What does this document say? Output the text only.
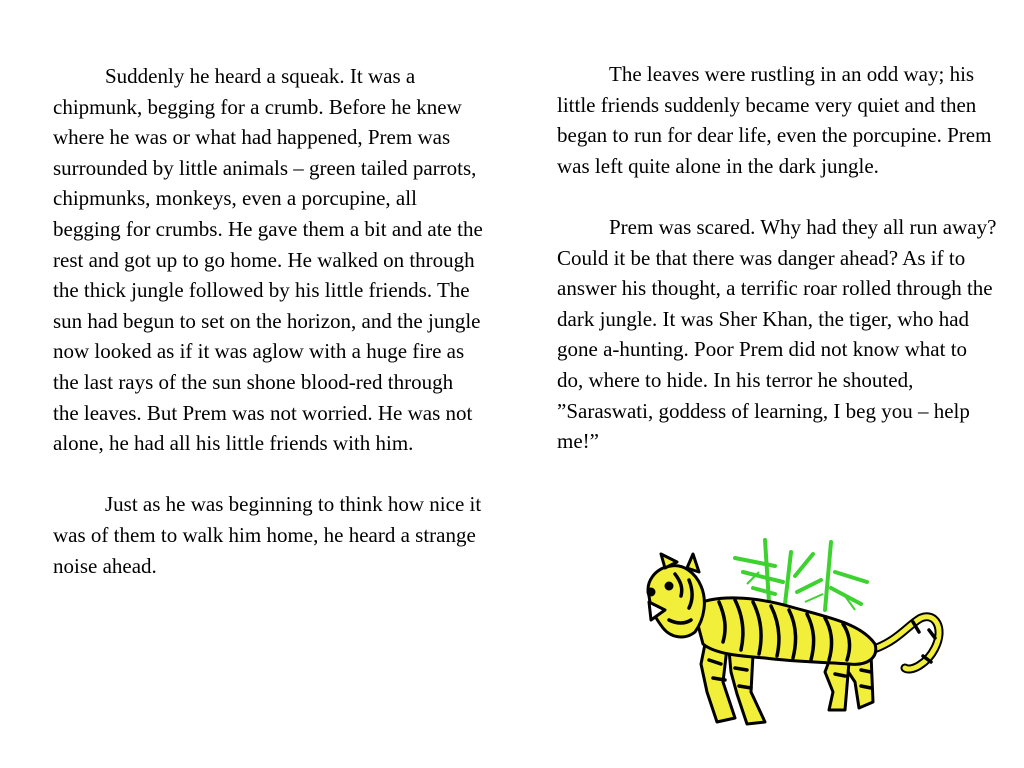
Suddenly he heard a squeak. It was a chipmunk, begging for a crumb. Before he knew where he was or what had happened, Prem was surrounded by little animals – green tailed parrots, chipmunks, monkeys, even a porcupine, all begging for crumbs. He gave them a bit and ate the rest and got up to go home. He walked on through the thick jungle followed by his little friends. The sun had begun to set on the horizon, and the jungle now looked as if it was aglow with a huge fire as the last rays of the sun shone blood-red through the leaves. But Prem was not worried. He was not alone, he had all his little friends with him.

Just as he was beginning to think how nice it was of them to walk him home, he heard a strange noise ahead.

The leaves were rustling in an odd way; his little friends suddenly became very quiet and then began to run for dear life, even the porcupine. Prem was left quite alone in the dark jungle.

Prem was scared. Why had they all run away? Could it be that there was danger ahead? As if to answer his thought, a terrific roar rolled through the dark jungle. It was Sher Khan, the tiger, who had gone a-hunting. Poor Prem did not know what to do, where to hide. In his terror he shouted, ”Saraswati, goddess of learning, I beg you – help me!”
